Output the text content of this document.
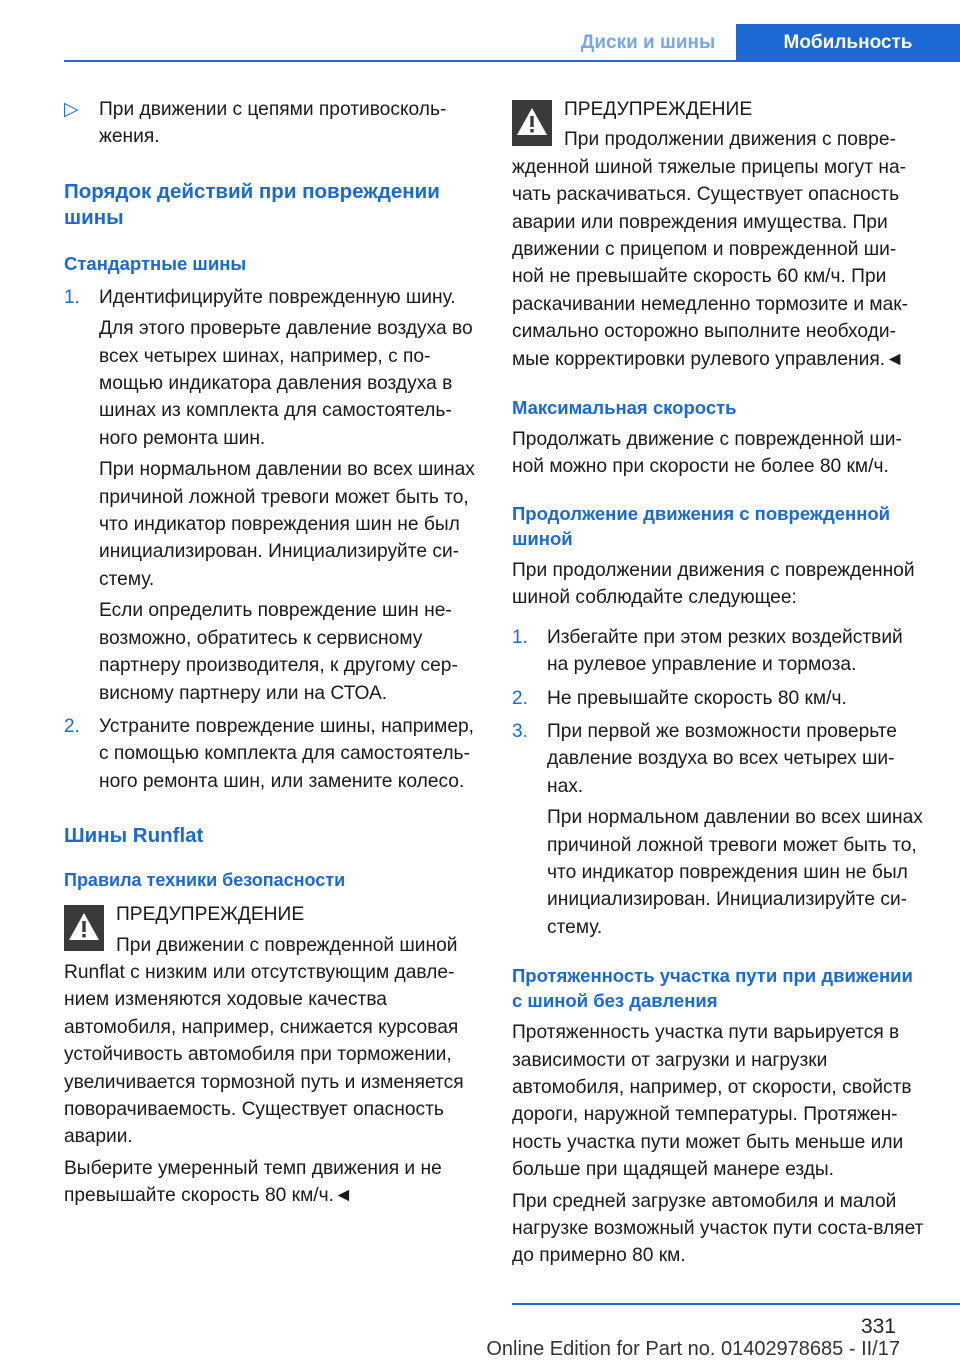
Диски и шины	Мобильность
▷ При движении с цепями противосколь-жения.

Порядок действий при повреждении шины
Стандартные шины
1. Идентифицируйте поврежденную шину.

Для этого проверьте давление воздуха во всех четырех шинах, например, с по-мощью индикатора давления воздуха в шинах из комплекта для самостоятель-ного ремонта шин.

При нормальном давлении во всех шинах причиной ложной тревоги может быть то, что индикатор повреждения шин не был инициализирован. Инициализируйте си-стему.

Если определить повреждение шин не-возможно, обратитесь к сервисному партнеру производителя, к другому сер-висному партнеру или на СТОА.

2. Устраните повреждение шины, например, с помощью комплекта для самостоятель-ного ремонта шин, или замените колесо.

Шины Runflat
Правила техники безопасности

ПРЕДУПРЕЖДЕНИЕ

При движении с поврежденной шиной Runflat с низким или отсутствующим давле-нием изменяются ходовые качества автомобиля, например, снижается курсовая устойчивость автомобиля при торможении, увеличивается тормозной путь и изменяется поворачиваемость. Существует опасность аварии.

Выберите умеренный темп движения и не превышайте скорость 80 км/ч.◄

ПРЕДУПРЕЖДЕНИЕ

При продолжении движения с повре-жденной шиной тяжелые прицепы могут на-чать раскачиваться. Существует опасность аварии или повреждения имущества. При движении с прицепом и поврежденной ши-ной не превышайте скорость 60 км/ч. При раскачивании немедленно тормозите и мак-симально осторожно выполните необходи-мые корректировки рулевого управления.◄

Максимальная скорость

Продолжать движение с поврежденной ши-ной можно при скорости не более 80 км/ч.

Продолжение движения с поврежденной шиной

При продолжении движения с поврежденной шиной соблюдайте следующее:

1. Избегайте при этом резких воздействий на рулевое управление и тормоза.

2. Не превышайте скорость 80 км/ч.

3. При первой же возможности проверьте давление воздуха во всех четырех ши-нах.

При нормальном давлении во всех шинах причиной ложной тревоги может быть то, что индикатор повреждения шин не был инициализирован. Инициализируйте си-стему.

Протяженность участка пути при движении с шиной без давления

Протяженность участка пути варьируется в зависимости от загрузки и нагрузки автомобиля, например, от скорости, свойств дороги, наружной температуры. Протяжен-ность участка пути может быть меньше или больше при щадящей манере езды.

При средней загрузке автомобиля и малой нагрузке возможный участок пути соста-вляет до примерно 80 км.

331
Online Edition for Part no. 01402978685 - II/17
